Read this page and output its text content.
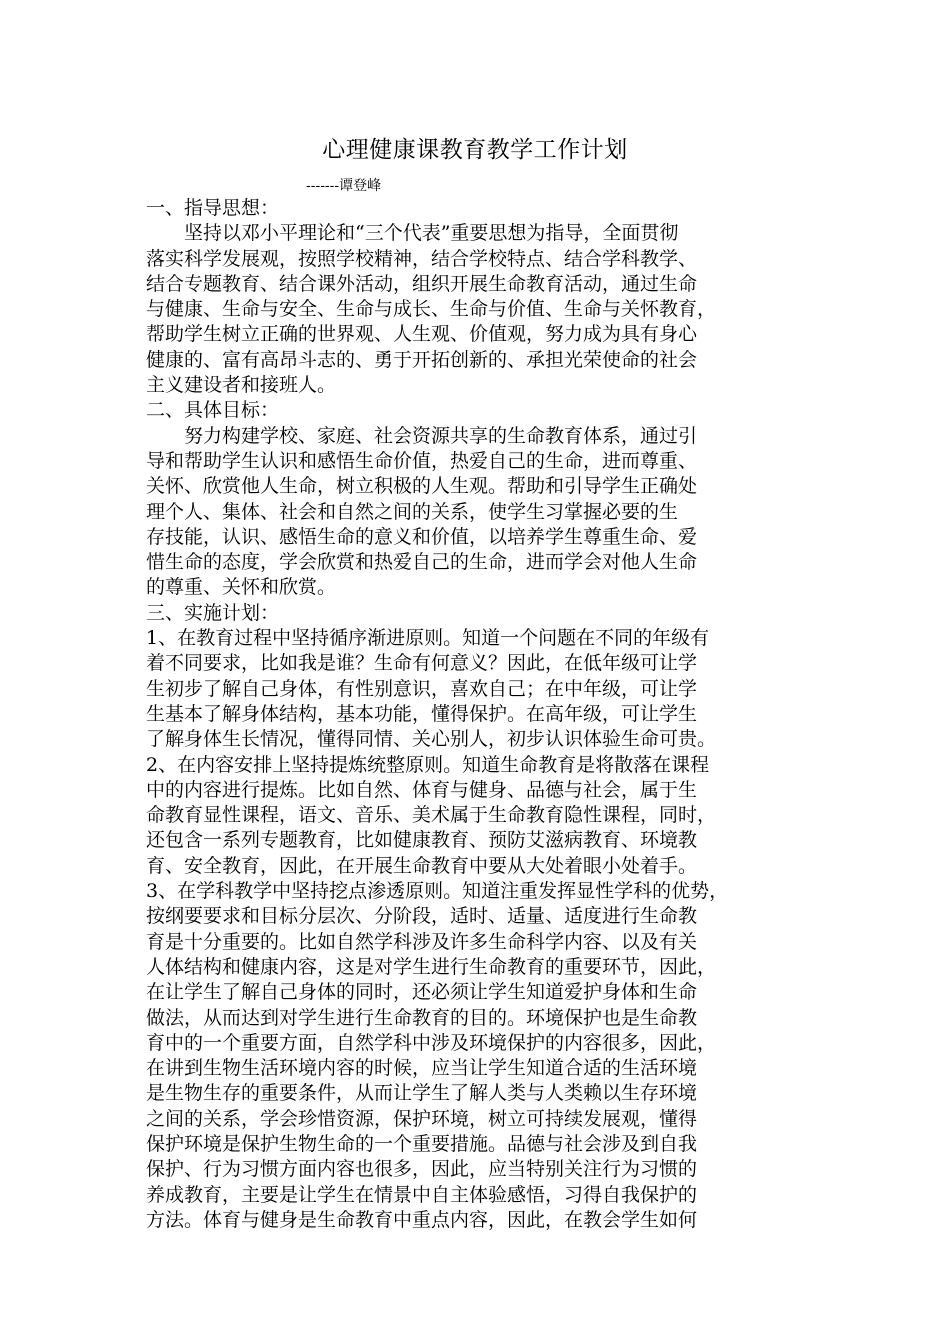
心理健康课教育教学工作计划
-------谭登峰
一、指导思想：
　　坚持以邓小平理论和“三个代表”重要思想为指导，全面贯彻
落实科学发展观，按照学校精神，结合学校特点、结合学科教学、
结合专题教育、结合课外活动，组织开展生命教育活动，通过生命
与健康、生命与安全、生命与成长、生命与价值、生命与关怀教育，
帮助学生树立正确的世界观、人生观、价值观，努力成为具有身心
健康的、富有高昂斗志的、勇于开拓创新的、承担光荣使命的社会
主义建设者和接班人。
二、具体目标：
　　努力构建学校、家庭、社会资源共享的生命教育体系，通过引
导和帮助学生认识和感悟生命价值，热爱自己的生命，进而尊重、
关怀、欣赏他人生命，树立积极的人生观。帮助和引导学生正确处
理个人、集体、社会和自然之间的关系，使学生习掌握必要的生
存技能，认识、感悟生命的意义和价值，以培养学生尊重生命、爱
惜生命的态度，学会欣赏和热爱自己的生命，进而学会对他人生命
的尊重、关怀和欣赏。
三、实施计划：
1、在教育过程中坚持循序渐进原则。知道一个问题在不同的年级有
着不同要求，比如我是谁？生命有何意义？因此，在低年级可让学
生初步了解自己身体，有性别意识，喜欢自己；在中年级，可让学
生基本了解身体结构，基本功能，懂得保护。在高年级，可让学生
了解身体生长情况，懂得同情、关心别人，初步认识体验生命可贵。
2、在内容安排上坚持提炼统整原则。知道生命教育是将散落在课程
中的内容进行提炼。比如自然、体育与健身、品德与社会，属于生
命教育显性课程，语文、音乐、美术属于生命教育隐性课程，同时，
还包含一系列专题教育，比如健康教育、预防艾滋病教育、环境教
育、安全教育，因此，在开展生命教育中要从大处着眼小处着手。
3、在学科教学中坚持挖点渗透原则。知道注重发挥显性学科的优势，
按纲要要求和目标分层次、分阶段，适时、适量、适度进行生命教
育是十分重要的。比如自然学科涉及许多生命科学内容、以及有关
人体结构和健康内容，这是对学生进行生命教育的重要环节，因此，
在让学生了解自己身体的同时，还必须让学生知道爱护身体和生命
做法，从而达到对学生进行生命教育的目的。环境保护也是生命教
育中的一个重要方面，自然学科中涉及环境保护的内容很多，因此，
在讲到生物生活环境内容的时候，应当让学生知道合适的生活环境
是生物生存的重要条件，从而让学生了解人类与人类赖以生存环境
之间的关系，学会珍惜资源，保护环境，树立可持续发展观，懂得
保护环境是保护生物生命的一个重要措施。品德与社会涉及到自我
保护、行为习惯方面内容也很多，因此，应当特别关注行为习惯的
养成教育，主要是让学生在情景中自主体验感悟，习得自我保护的
方法。体育与健身是生命教育中重点内容，因此，在教会学生如何
